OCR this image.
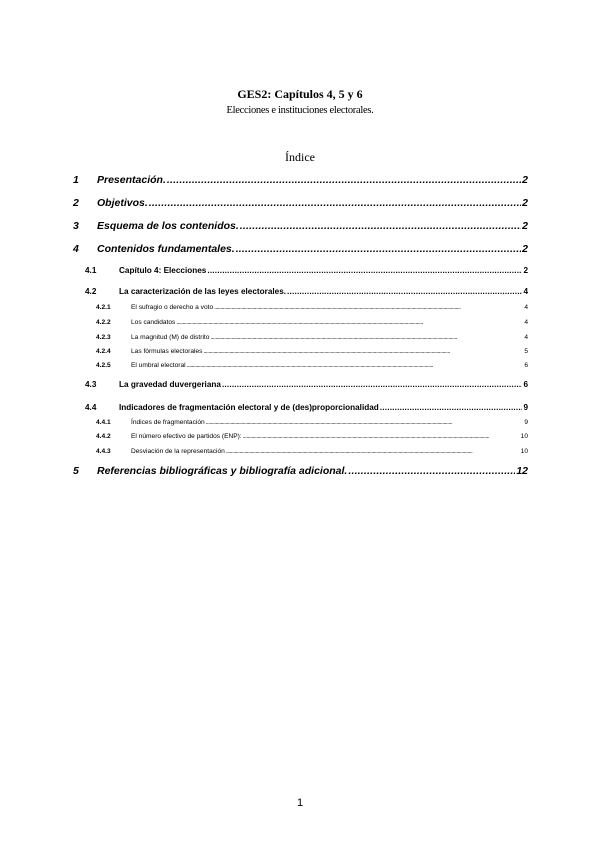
GES2: Capítulos 4, 5 y 6
Elecciones e instituciones electorales.
Índice
1	Presentación. .....	2
2	Objetivos. .....	2
3	Esquema de los contenidos. .....	2
4	Contenidos fundamentales. .....	2
4.1	Capítulo 4: Elecciones .....	2
4.2	La caracterización de las leyes electorales. .....	4
4.2.1	El sufragio o derecho a voto .....	4
4.2.2	Los candidatos .....	4
4.2.3	La magnitud (M) de distrito .....	4
4.2.4	Las fórmulas electorales .....	5
4.2.5	El umbral electoral .....	6
4.3	La gravedad duvergeriana .....	6
4.4	Indicadores de fragmentación electoral y de (des)proporcionalidad .....	9
4.4.1	Índices de fragmentación .....	9
4.4.2	El número efectivo de partidos (ENP): .....	10
4.4.3	Desviación de la representación .....	10
5	Referencias bibliográficas y bibliografía adicional. .....	12
1
